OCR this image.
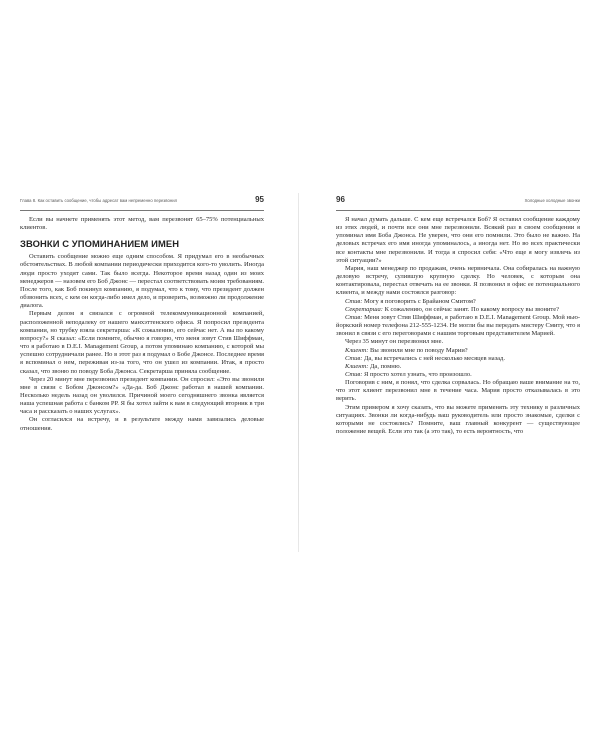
Глава 8. Как оставить сообщение, чтобы адресат вам непременно перезвонил	95

Если вы начнете применять этот метод, вам перезвонят 65–75% потенциальных клиентов.

ЗВОНКИ С УПОМИНАНИЕМ ИМЕН

Оставить сообщение можно еще одним способом. Я придумал его в необычных обстоятельствах. В любой компании периодически приходится кого-то уволить. Иногда люди просто уходят сами. Так было всегда. Некоторое время назад один из моих менеджеров — назовем его Боб Джонс — перестал соответствовать моим требованиям. После того, как Боб покинул компанию, я подумал, что к тому, что президент должен обзвонить всех, с кем он когда-либо имел дело, и проверить, возможно ли продолжение диалога.

Первым делом я связался с огромной телекоммуникационной компанией, расположенной неподалеку от нашего манхэттенского офиса. Я попросил президента компании, но трубку взяла секретарша: «К сожалению, его сейчас нет. А вы по какому вопросу?» Я сказал: «Если помните, обычно я говорю, что меня зовут Стив Шиффман, что я работаю в D.E.I. Management Group, а потом упоминаю компанию, с которой мы успешно сотрудничали ранее. Но в этот раз я подумал о Бобе Джонсе. Последнее время я вспоминал о нем, переживая из-за того, что он ушел из компании. Итак, я просто сказал, что звоню по поводу Боба Джонса. Секретарша приняла сообщение.

Через 20 минут мне перезвонил президент компании. Он спросил: «Это вы звонили мне в связи с Бобом Джонсом?» «Да-да. Боб Джонс работал в нашей компании. Несколько недель назад он уволился. Причиной моего сегодняшнего звонка является наша успешная работа с банком РР. Я бы хотел зайти к вам в следующий вторник в три часа и рассказать о наших услугах».

Он согласился на встречу, и в результате между нами завязались деловые отношения.

96	Холодные холодные звонки

Я начал думать дальше. С кем еще встречался Боб? Я оставил сообщение каждому из этих людей, и почти все они мне перезвонили. Всякий раз в своем сообщении я упоминал имя Боба Джонса. Не уверен, что они его помнили. Это было не важно. На деловых встречах его имя иногда упоминалось, а иногда нет. Но во всех практически все контакты мне перезвонили. И тогда я спросил себя: «Что еще я могу извлечь из этой ситуации?»

Мария, наш менеджер по продажам, очень нервничала. Она собиралась на важную деловую встречу, сулившую крупную сделку. Но человек, с которым она контактировала, перестал отвечать на ее звонки. Я позвонил в офис ее потенциального клиента, и между нами состоялся разговор:

Стив: Могу я поговорить с Брайаном Смитом?

Секретарша: К сожалению, он сейчас занят. По какому вопросу вы звоните?

Стив: Меня зовут Стив Шиффман, я работаю в D.E.I. Management Group. Мой нью-йоркский номер телефона 212-555-1234. Не могли бы вы передать мистеру Смиту, что я звонил в связи с его переговорами с нашим торговым представителем Марией.

Через 35 минут он перезвонил мне.

Клиент: Вы звонили мне по поводу Марии?

Стив: Да, вы встречались с ней несколько месяцев назад.

Клиент: Да, помню.

Стив: Я просто хотел узнать, что произошло.

Поговорив с ним, я понял, что сделка сорвалась. Но обращаю ваше внимание на то, что этот клиент перезвонил мне в течение часа. Мария просто отказывалась в это верить.

Этим примером я хочу сказать, что вы можете применять эту технику в различных ситуациях. Звонки ли когда-нибудь ваш руководитель или просто знакомые, сделки с которыми не состоялись? Помните, ваш главный конкурент — существующее положение вещей. Если это так (а это так), то есть вероятность, что
